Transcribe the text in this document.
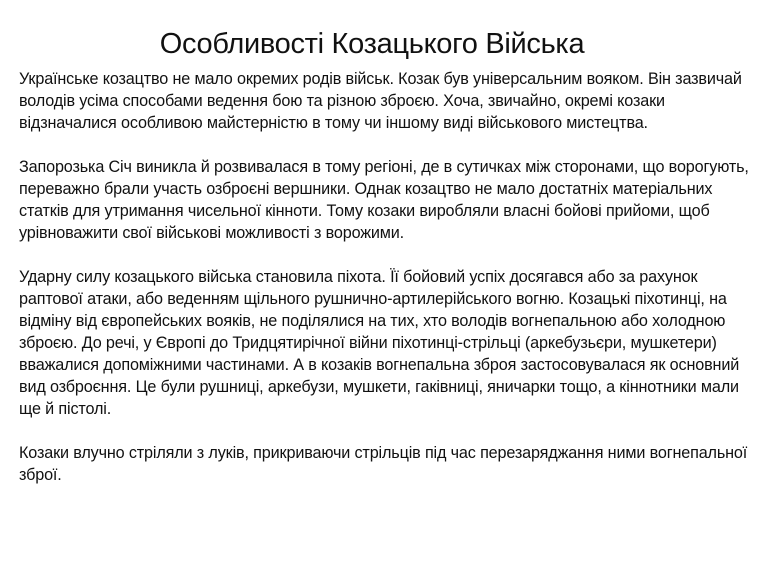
Особливості Козацького Війська

Українське козацтво не мало окремих родів військ. Козак був універсальним вояком. Він зазвичай володів усіма способами ведення бою та різною зброєю. Хоча, звичайно, окремі козаки відзначалися особливою майстерністю в тому чи іншому виді військового мистецтва.

Запорозька Січ виникла й розвивалася в тому регіоні, де в сутичках між сторонами, що ворогують, переважно брали участь озброєні вершники. Однак козацтво не мало достатніх матеріальних статків для утримання чисельної кінноти. Тому козаки виробляли власні бойові прийоми, щоб урівноважити свої військові можливості з ворожими.

Ударну силу козацького війська становила піхота. Її бойовий успіх досягався або за рахунок раптової атаки, або веденням щільного рушнично-артилерійського вогню. Козацькі піхотинці, на відміну від європейських вояків, не поділялися на тих, хто володів вогнепальною або холодною зброєю. До речі, у Європі до Тридцятирічної війни піхотинці-стрільці (аркебузьєри, мушкетери) вважалися допоміжними частинами. А в козаків вогнепальна зброя застосовувалася як основний вид озброєння. Це були рушниці, аркебузи, мушкети, гаківниці, яничарки тощо, а кіннотники мали ще й пістолі.

Козаки влучно стріляли з луків, прикриваючи стрільців під час перезаряджання ними вогнепальної зброї.
